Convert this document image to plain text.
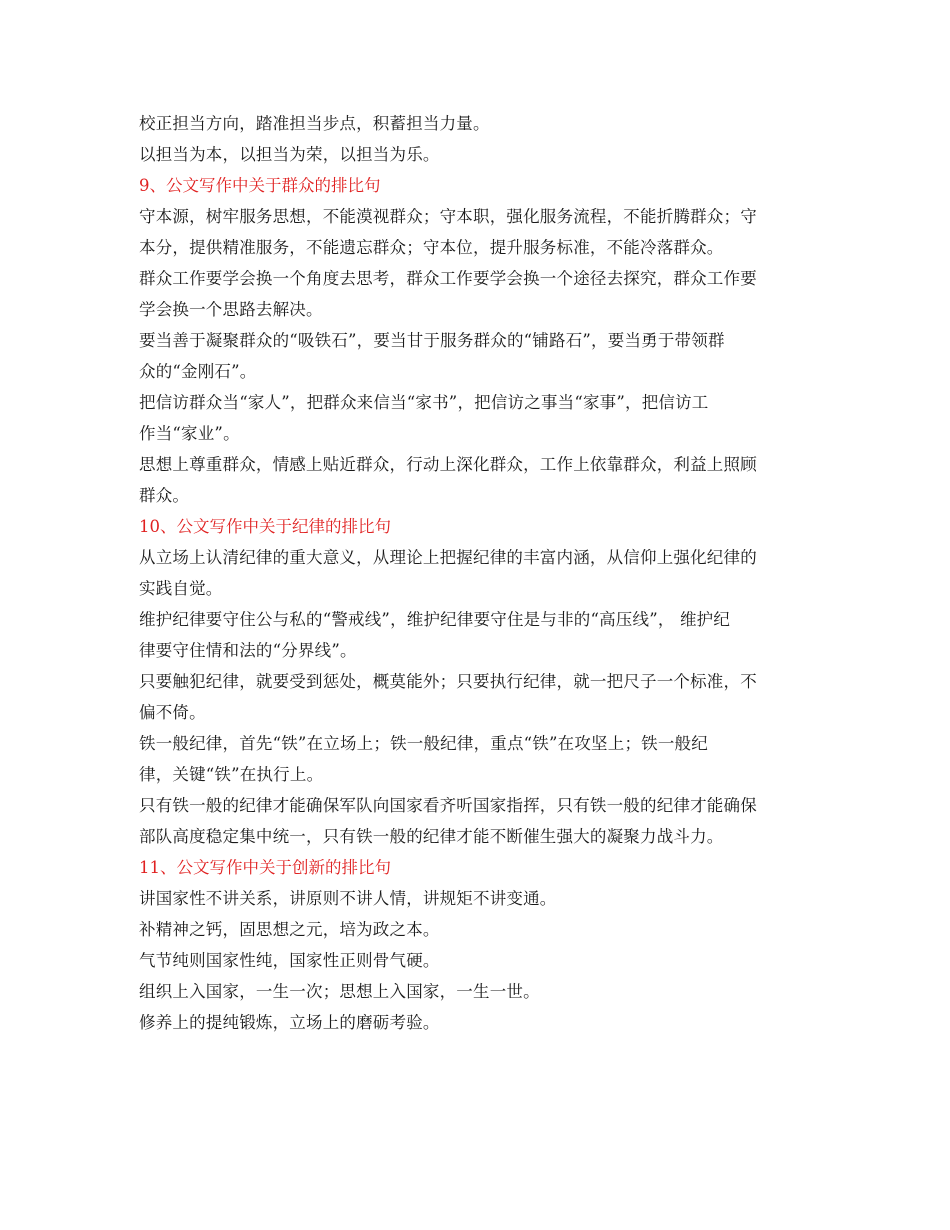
校正担当方向，踏准担当步点，积蓄担当力量。

以担当为本，以担当为荣，以担当为乐。

9、公文写作中关于群众的排比句

守本源，树牢服务思想，不能漠视群众；守本职，强化服务流程，不能折腾群众；守

本分，提供精准服务，不能遗忘群众；守本位，提升服务标准，不能冷落群众。

群众工作要学会换一个角度去思考，群众工作要学会换一个途径去探究，群众工作要

学会换一个思路去解决。

要当善于凝聚群众的“吸铁石”，要当甘于服务群众的“铺路石”，要当勇于带领群

众的“金刚石”。

把信访群众当“家人”，把群众来信当“家书”，把信访之事当“家事”，把信访工

作当“家业”。

思想上尊重群众，情感上贴近群众，行动上深化群众，工作上依靠群众，利益上照顾

群众。

10、公文写作中关于纪律的排比句

从立场上认清纪律的重大意义，从理论上把握纪律的丰富内涵，从信仰上强化纪律的

实践自觉。

维护纪律要守住公与私的“警戒线”，维护纪律要守住是与非的“高压线”， 维护纪

律要守住情和法的“分界线”。

只要触犯纪律，就要受到惩处，概莫能外；只要执行纪律，就一把尺子一个标准，不

偏不倚。

铁一般纪律，首先“铁”在立场上；铁一般纪律，重点“铁”在攻坚上；铁一般纪

律，关键“铁”在执行上。

只有铁一般的纪律才能确保军队向国家看齐听国家指挥，只有铁一般的纪律才能确保

部队高度稳定集中统一，只有铁一般的纪律才能不断催生强大的凝聚力战斗力。

11、公文写作中关于创新的排比句

讲国家性不讲关系，讲原则不讲人情，讲规矩不讲变通。

补精神之钙，固思想之元，培为政之本。

气节纯则国家性纯，国家性正则骨气硬。

组织上入国家，一生一次；思想上入国家，一生一世。

修养上的提纯锻炼，立场上的磨砺考验。
